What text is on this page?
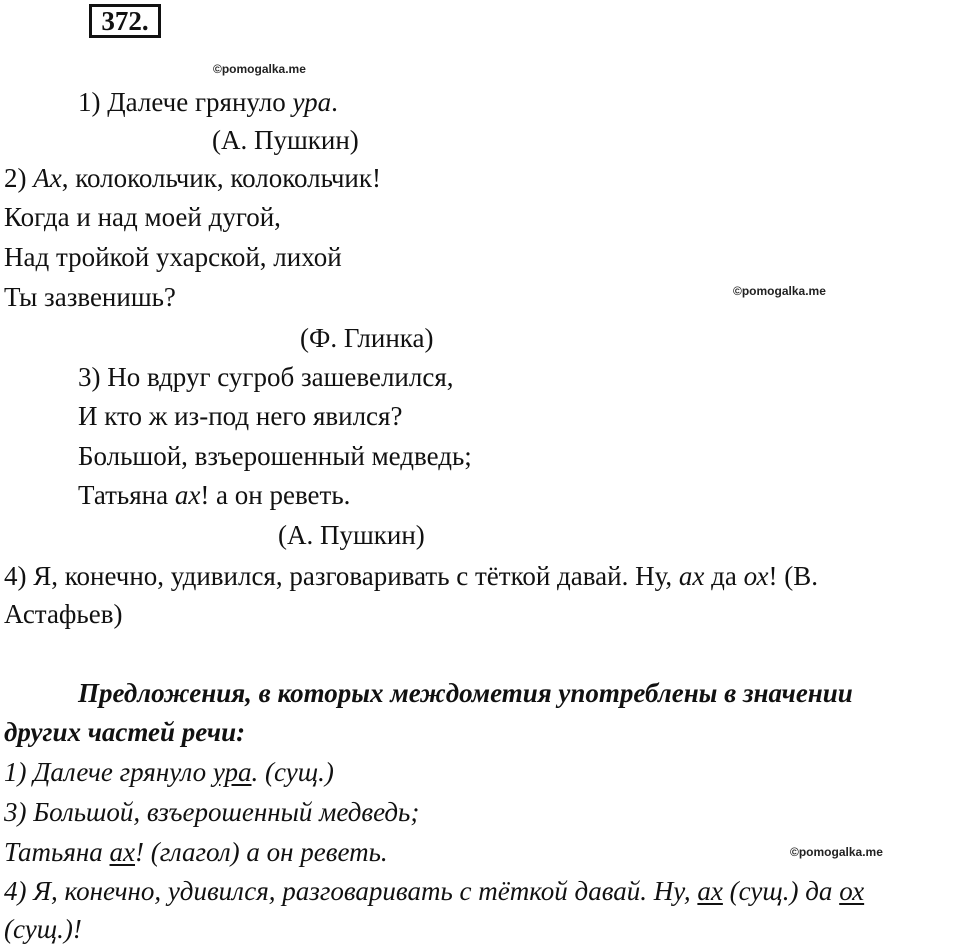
372.
©pomogalka.me
©pomogalka.me
©pomogalka.me
1) Далече грянуло ура.
(А. Пушкин)
2) Ах, колокольчик, колокольчик!
Когда и над моей дугой,
Над тройкой ухарской, лихой
Ты зазвенишь?
(Ф. Глинка)
3) Но вдруг сугроб зашевелился,
И кто ж из-под него явился?
Большой, взъерошенный медведь;
Татьяна ах! а он реветь.
(А. Пушкин)
4) Я, конечно, удивился, разговаривать с тёткой давай. Ну, ах да ох! (В.
Астафьев)
Предложения, в которых междометия употреблены в значении
других частей речи:
1) Далече грянуло ура. (сущ.)
3) Большой, взъерошенный медведь;
Татьяна ах! (глагол) а он реветь.
4) Я, конечно, удивился, разговаривать с тёткой давай. Ну, ах (сущ.) да ох
(сущ.)!
